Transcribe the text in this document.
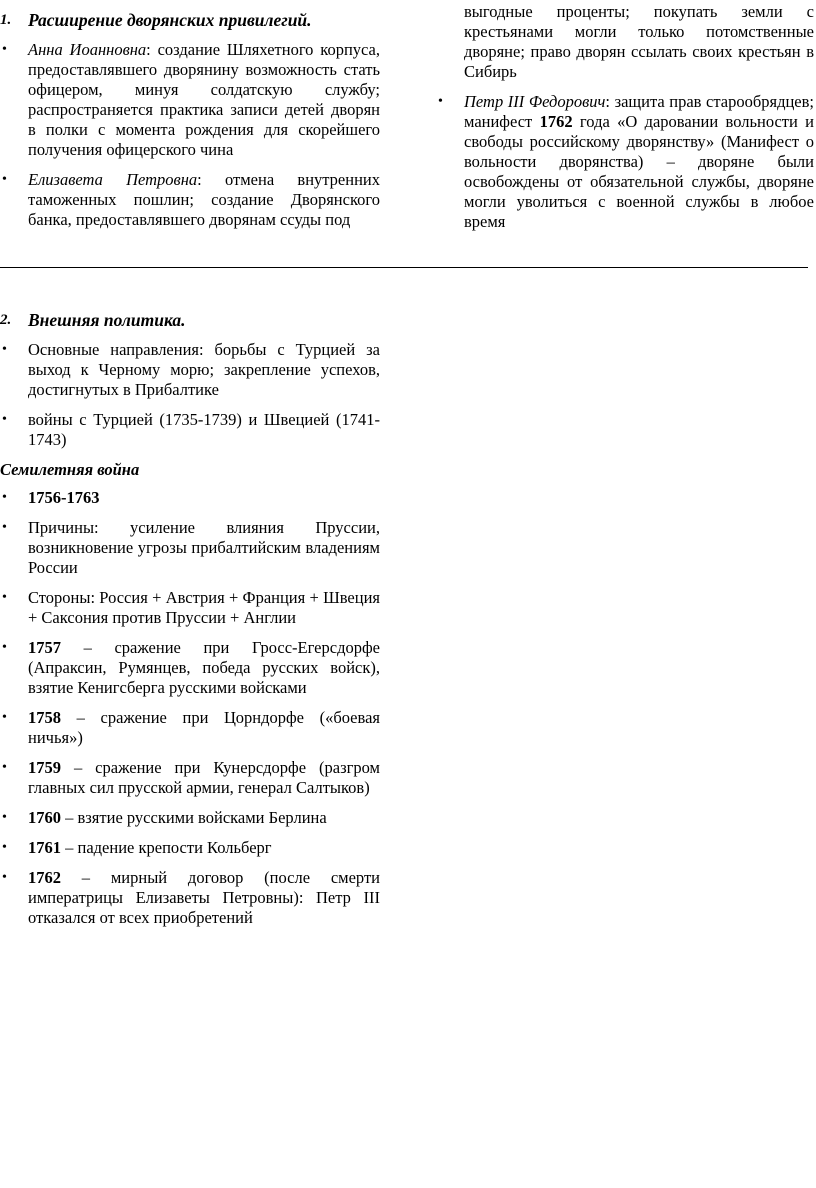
1. Расширение дворянских привилегий.
• Анна Иоанновна: создание Шляхетного корпуса, предоставлявшего дворянину возможность стать офицером, минуя солдатскую службу; распространяется практика записи детей дворян в полки с момента рождения для скорейшего получения офицерского чина
• Елизавета Петровна: отмена внутренних таможенных пошлин; создание Дворянского банка, предоставлявшего дворянам ссуды под

выгодные проценты; покупать земли с крестьянами могли только потомственные дворяне; право дворян ссылать своих крестьян в Сибирь

• Петр III Федорович: защита прав старообрядцев; манифест 1762 года «О даровании вольности и свободы российскому дворянству» (Манифест о вольности дворянства) – дворяне были освобождены от обязательной службы, дворяне могли уволиться с военной службы в любое время
2. Внешняя политика.
• Основные направления: борьбы с Турцией за выход к Черному морю; закрепление успехов, достигнутых в Прибалтике
• войны с Турцией (1735-1739) и Швецией (1741-1743)
Семилетняя война
• 1756-1763
• Причины: усиление влияния Пруссии, возникновение угрозы прибалтийским владениям России
• Стороны: Россия + Австрия + Франция + Швеция + Саксония против Пруссии + Англии
• 1757 – сражение при Гросс-Егерсдорфе (Апраксин, Румянцев, победа русских войск), взятие Кенигсберга русскими войсками
• 1758 – сражение при Цорндорфе («боевая ничья»)
• 1759 – сражение при Кунерсдорфе (разгром главных сил прусской армии, генерал Салтыков)
• 1760 – взятие русскими войсками Берлина
• 1761 – падение крепости Кольберг
• 1762 – мирный договор (после смерти императрицы Елизаветы Петровны): Петр III отказался от всех приобретений
